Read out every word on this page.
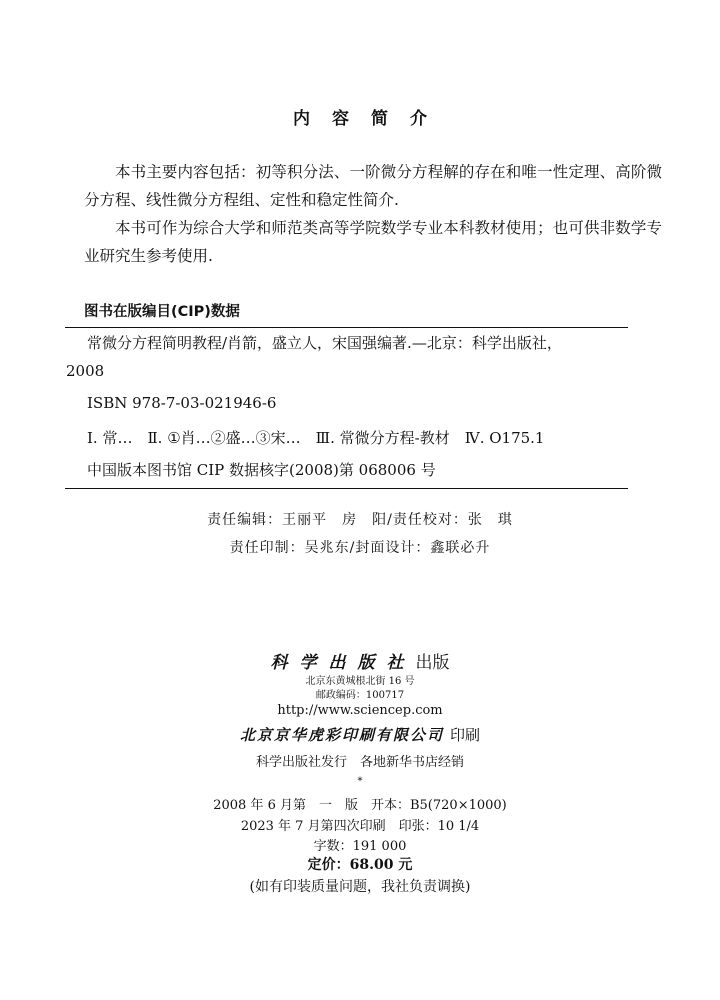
内容简介

本书主要内容包括：初等积分法、一阶微分方程解的存在和唯一性定理、高阶微分方程、线性微分方程组、定性和稳定性简介.

本书可作为综合大学和师范类高等学院数学专业本科教材使用；也可供非数学专业研究生参考使用.

图书在版编目(CIP)数据
常微分方程简明教程/肖箭，盛立人，宋国强编著.—北京：科学出版社，
2008
ISBN 978-7-03-021946-6
Ⅰ. 常…　Ⅱ. ①肖…②盛…③宋…　Ⅲ. 常微分方程-教材　Ⅳ. O175.1
中国版本图书馆 CIP 数据核字(2008)第 068006 号
责任编辑：王丽平　房　阳/责任校对：张　琪
责任印制：吴兆东/封面设计：鑫联必升
科学出版社出版
北京东黄城根北街 16 号
邮政编码：100717
http://www.sciencep.com
北京京华虎彩印刷有限公司 印刷
科学出版社发行　各地新华书店经销
*
2008 年 6 月第　一　版　开本：B5(720×1000)
2023 年 7 月第四次印刷　印张：10 1/4
字数：191 000
定价：68.00 元
(如有印装质量问题，我社负责调换)
